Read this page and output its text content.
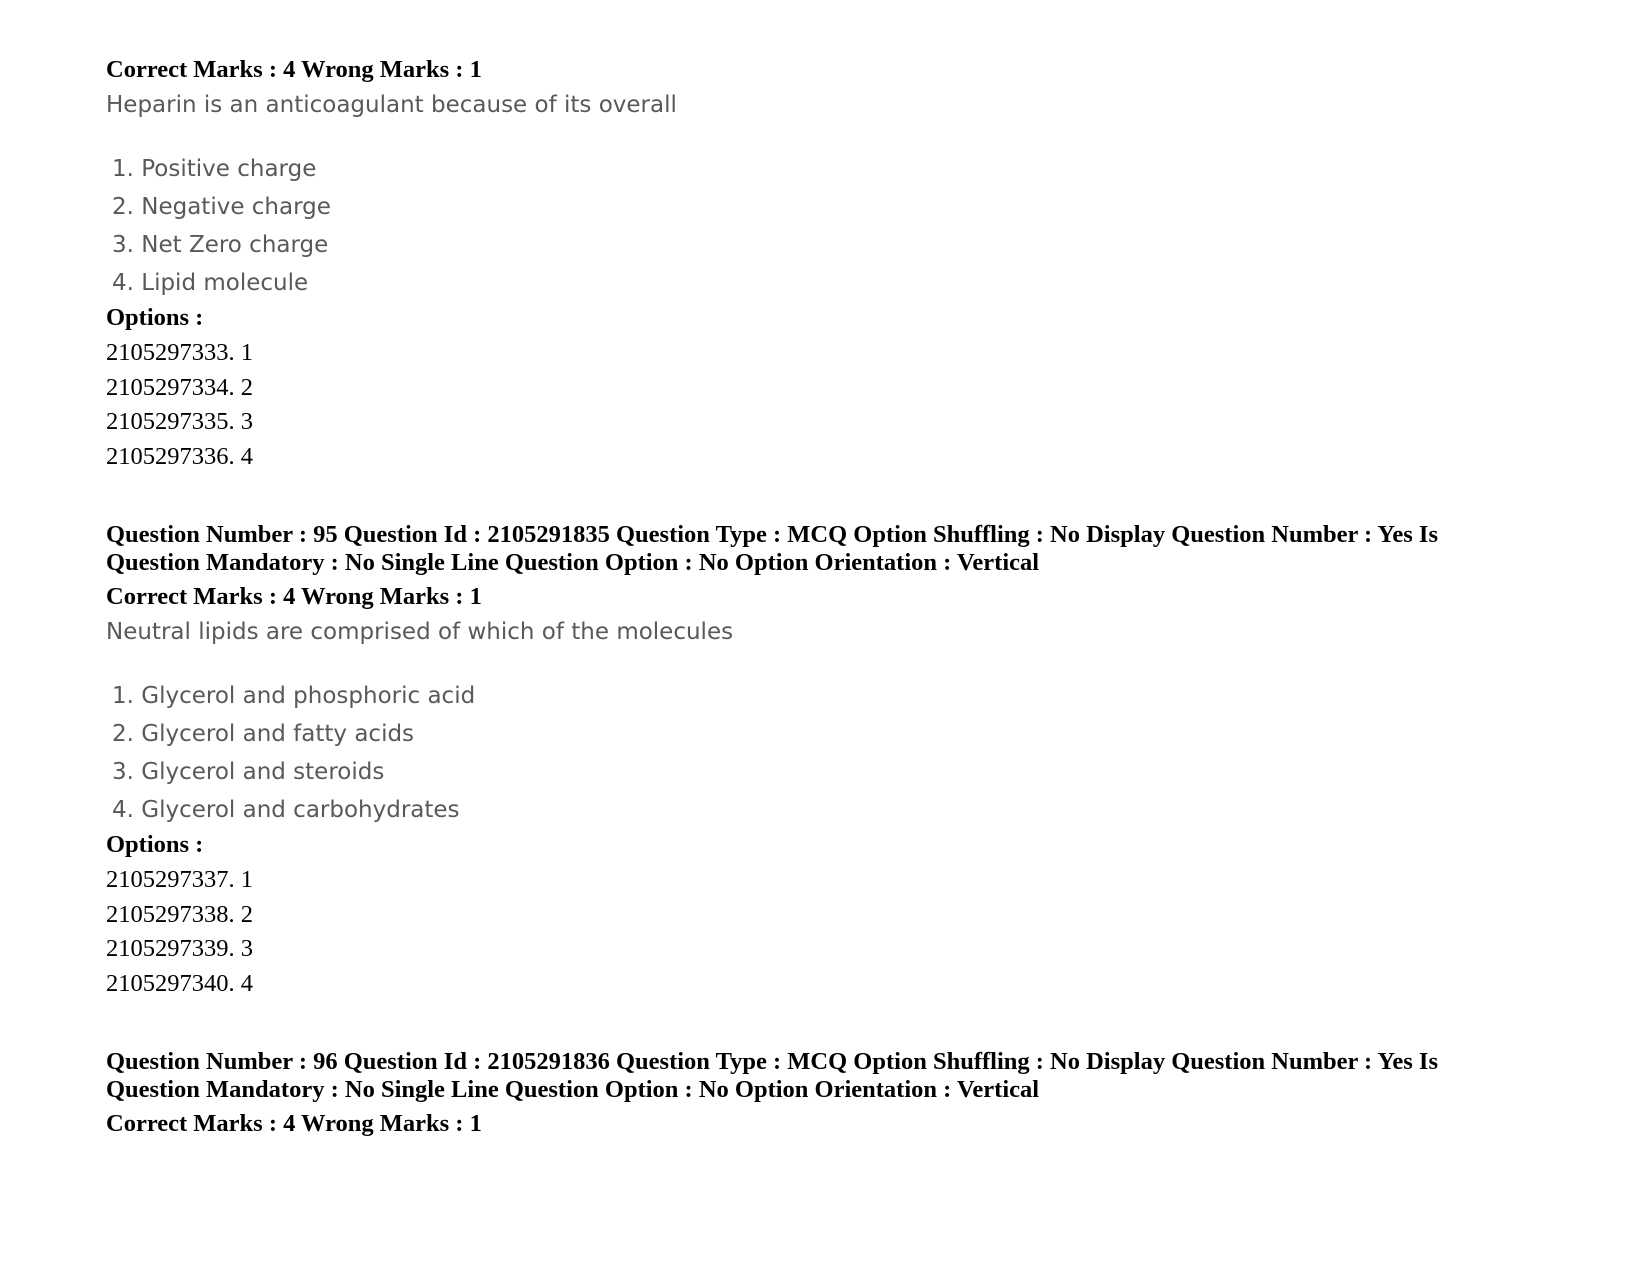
Correct Marks : 4 Wrong Marks : 1

Heparin is an anticoagulant because of its overall

1. Positive charge
2. Negative charge
3. Net Zero charge
4. Lipid molecule

Options :

2105297333. 1
2105297334. 2
2105297335. 3
2105297336. 4
Question Number : 95 Question Id : 2105291835 Question Type : MCQ Option Shuffling : No Display Question Number : Yes Is
Question Mandatory : No Single Line Question Option : No Option Orientation : Vertical

Correct Marks : 4 Wrong Marks : 1

Neutral lipids are comprised of which of the molecules

1. Glycerol and phosphoric acid
2. Glycerol and fatty acids
3. Glycerol and steroids
4. Glycerol and carbohydrates

Options :

2105297337. 1
2105297338. 2
2105297339. 3
2105297340. 4
Question Number : 96 Question Id : 2105291836 Question Type : MCQ Option Shuffling : No Display Question Number : Yes Is
Question Mandatory : No Single Line Question Option : No Option Orientation : Vertical

Correct Marks : 4 Wrong Marks : 1
